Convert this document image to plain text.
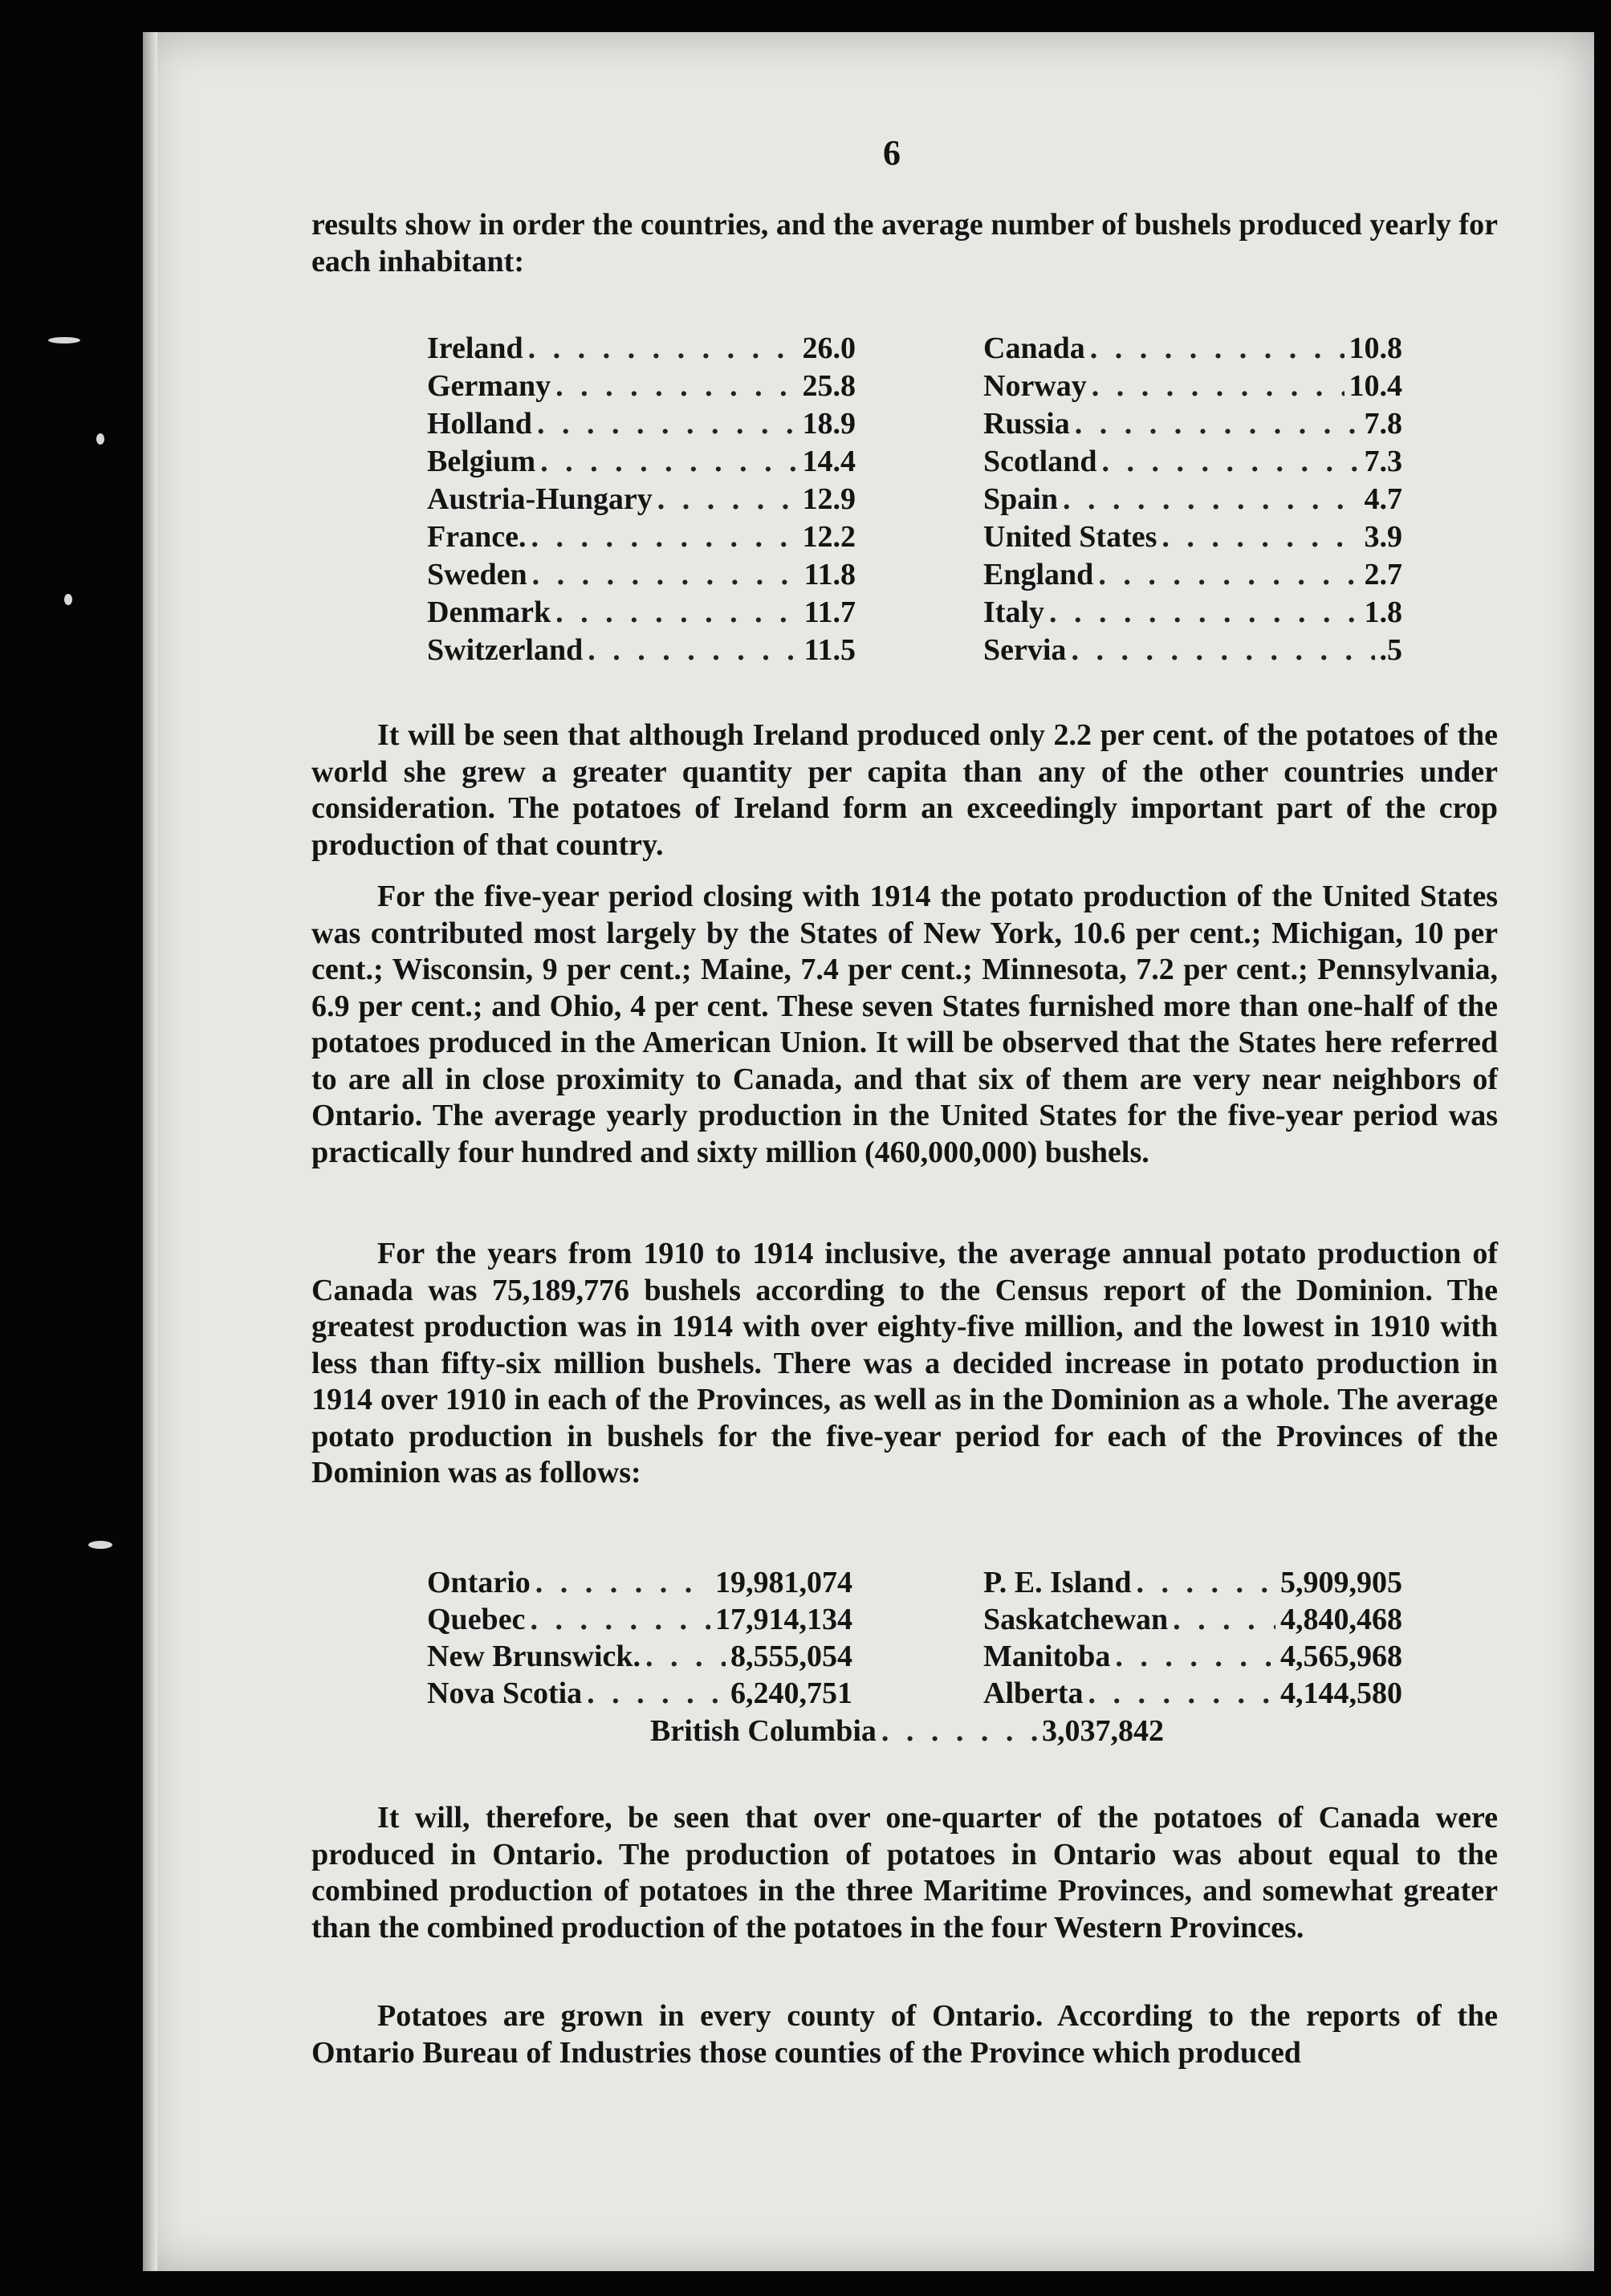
6
results show in order the countries, and the average number of bushels produced yearly for each inhabitant:
Ireland . . .	26.0
Germany . . .	25.8
Holland . . .	18.9
Belgium . . .	14.4
Austria-Hungary . . .	12.9
France. . . .	12.2
Sweden . . .	11.8
Denmark . . .	11.7
Switzerland . . .	11.5
Canada . . .	10.8
Norway . . .	10.4
Russia . . .	7.8
Scotland . . .	7.3
Spain . . .	4.7
United States . . .	3.9
England . . .	2.7
Italy . . .	1.8
Servia . . .	.5
It will be seen that although Ireland produced only 2.2 per cent. of the potatoes of the world she grew a greater quantity per capita than any of the other countries under consideration. The potatoes of Ireland form an exceedingly important part of the crop production of that country.
For the five-year period closing with 1914 the potato production of the United States was contributed most largely by the States of New York, 10.6 per cent.; Michigan, 10 per cent.; Wisconsin, 9 per cent.; Maine, 7.4 per cent.; Minnesota, 7.2 per cent.; Pennsylvania, 6.9 per cent.; and Ohio, 4 per cent. These seven States furnished more than one-half of the potatoes produced in the American Union. It will be observed that the States here referred to are all in close proximity to Canada, and that six of them are very near neighbors of Ontario. The average yearly production in the United States for the five-year period was practically four hundred and sixty million (460,000,000) bushels.
For the years from 1910 to 1914 inclusive, the average annual potato production of Canada was 75,189,776 bushels according to the Census report of the Dominion. The greatest production was in 1914 with over eighty-five million, and the lowest in 1910 with less than fifty-six million bushels. There was a decided increase in potato production in 1914 over 1910 in each of the Provinces, as well as in the Dominion as a whole. The average potato production in bushels for the five-year period for each of the Provinces of the Dominion was as follows:
Ontario . . .	19,981,074
Quebec . . .	17,914,134
New Brunswick. . . .	8,555,054
Nova Scotia . . .	6,240,751
P. E. Island . . .	5,909,905
Saskatchewan . . .	4,840,468
Manitoba . . .	4,565,968
Alberta . . .	4,144,580
British Columbia . . .	3,037,842
It will, therefore, be seen that over one-quarter of the potatoes of Canada were produced in Ontario. The production of potatoes in Ontario was about equal to the combined production of potatoes in the three Maritime Provinces, and somewhat greater than the combined production of the potatoes in the four Western Provinces.
Potatoes are grown in every county of Ontario. According to the reports of the Ontario Bureau of Industries those counties of the Province which produced
